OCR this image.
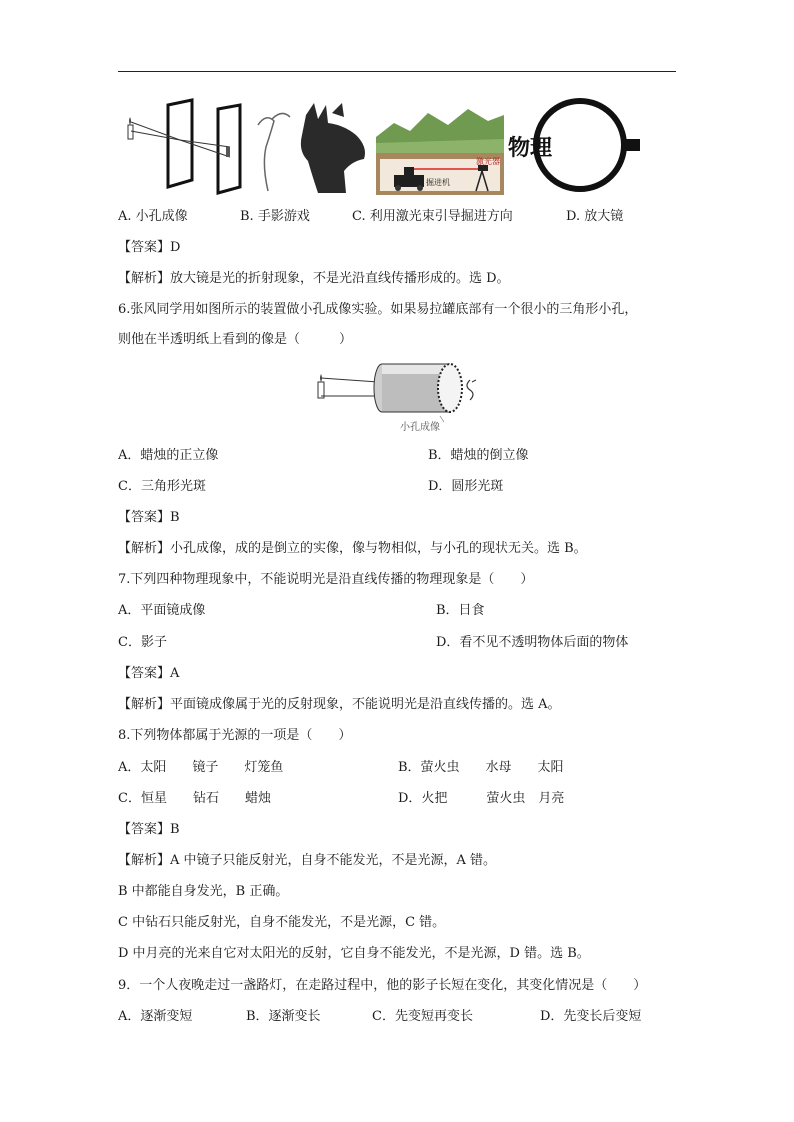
激光器
掘进机
物理
A. 小孔成像	B. 手影游戏	C. 利用激光束引导掘进方向	D. 放大镜
【答案】D
【解析】放大镜是光的折射现象，不是光沿直线传播形成的。选 D。
6.张风同学用如图所示的装置做小孔成像实验。如果易拉罐底部有一个很小的三角形小孔，
则他在半透明纸上看到的像是（　　　）
小孔成像
A．蜡烛的正立像	B．蜡烛的倒立像
C．三角形光斑	D．圆形光斑
【答案】B
【解析】小孔成像，成的是倒立的实像，像与物相似，与小孔的现状无关。选 B。
7.下列四种物理现象中，不能说明光是沿直线传播的物理现象是（　　）
A．平面镜成像	B．日食
C．影子	D．看不见不透明物体后面的物体
【答案】A
【解析】平面镜成像属于光的反射现象，不能说明光是沿直线传播的。选 A。
8.下列物体都属于光源的一项是（　　）
A．太阳　　镜子　　灯笼鱼	B．萤火虫　　水母　　太阳
C．恒星　　钻石　　蜡烛	D．火把　　　萤火虫　月亮
【答案】B
【解析】A 中镜子只能反射光，自身不能发光，不是光源，A 错。
B 中都能自身发光，B 正确。
C 中钻石只能反射光，自身不能发光，不是光源，C 错。
D 中月亮的光来自它对太阳光的反射，它自身不能发光，不是光源，D 错。选 B。
9．一个人夜晚走过一盏路灯，在走路过程中，他的影子长短在变化，其变化情况是（　　）
A．逐渐变短	B．逐渐变长	C．先变短再变长	D．先变长后变短
